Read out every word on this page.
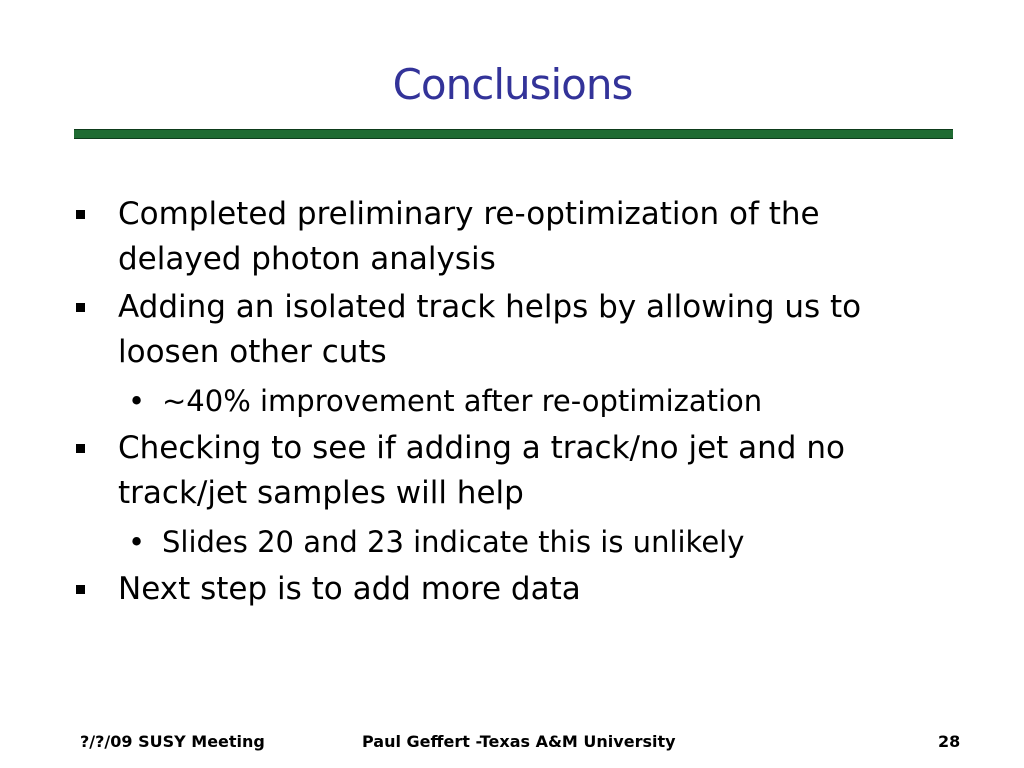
Conclusions
Completed preliminary re-optimization of the delayed photon analysis
Adding an isolated track helps by allowing us to loosen other cuts
• ~40% improvement after re-optimization
Checking to see if adding a track/no jet and no track/jet samples will help
• Slides 20 and 23 indicate this is unlikely
Next step is to add more data
?/?/09 SUSY Meeting	Paul Geffert -Texas A&M University	28
